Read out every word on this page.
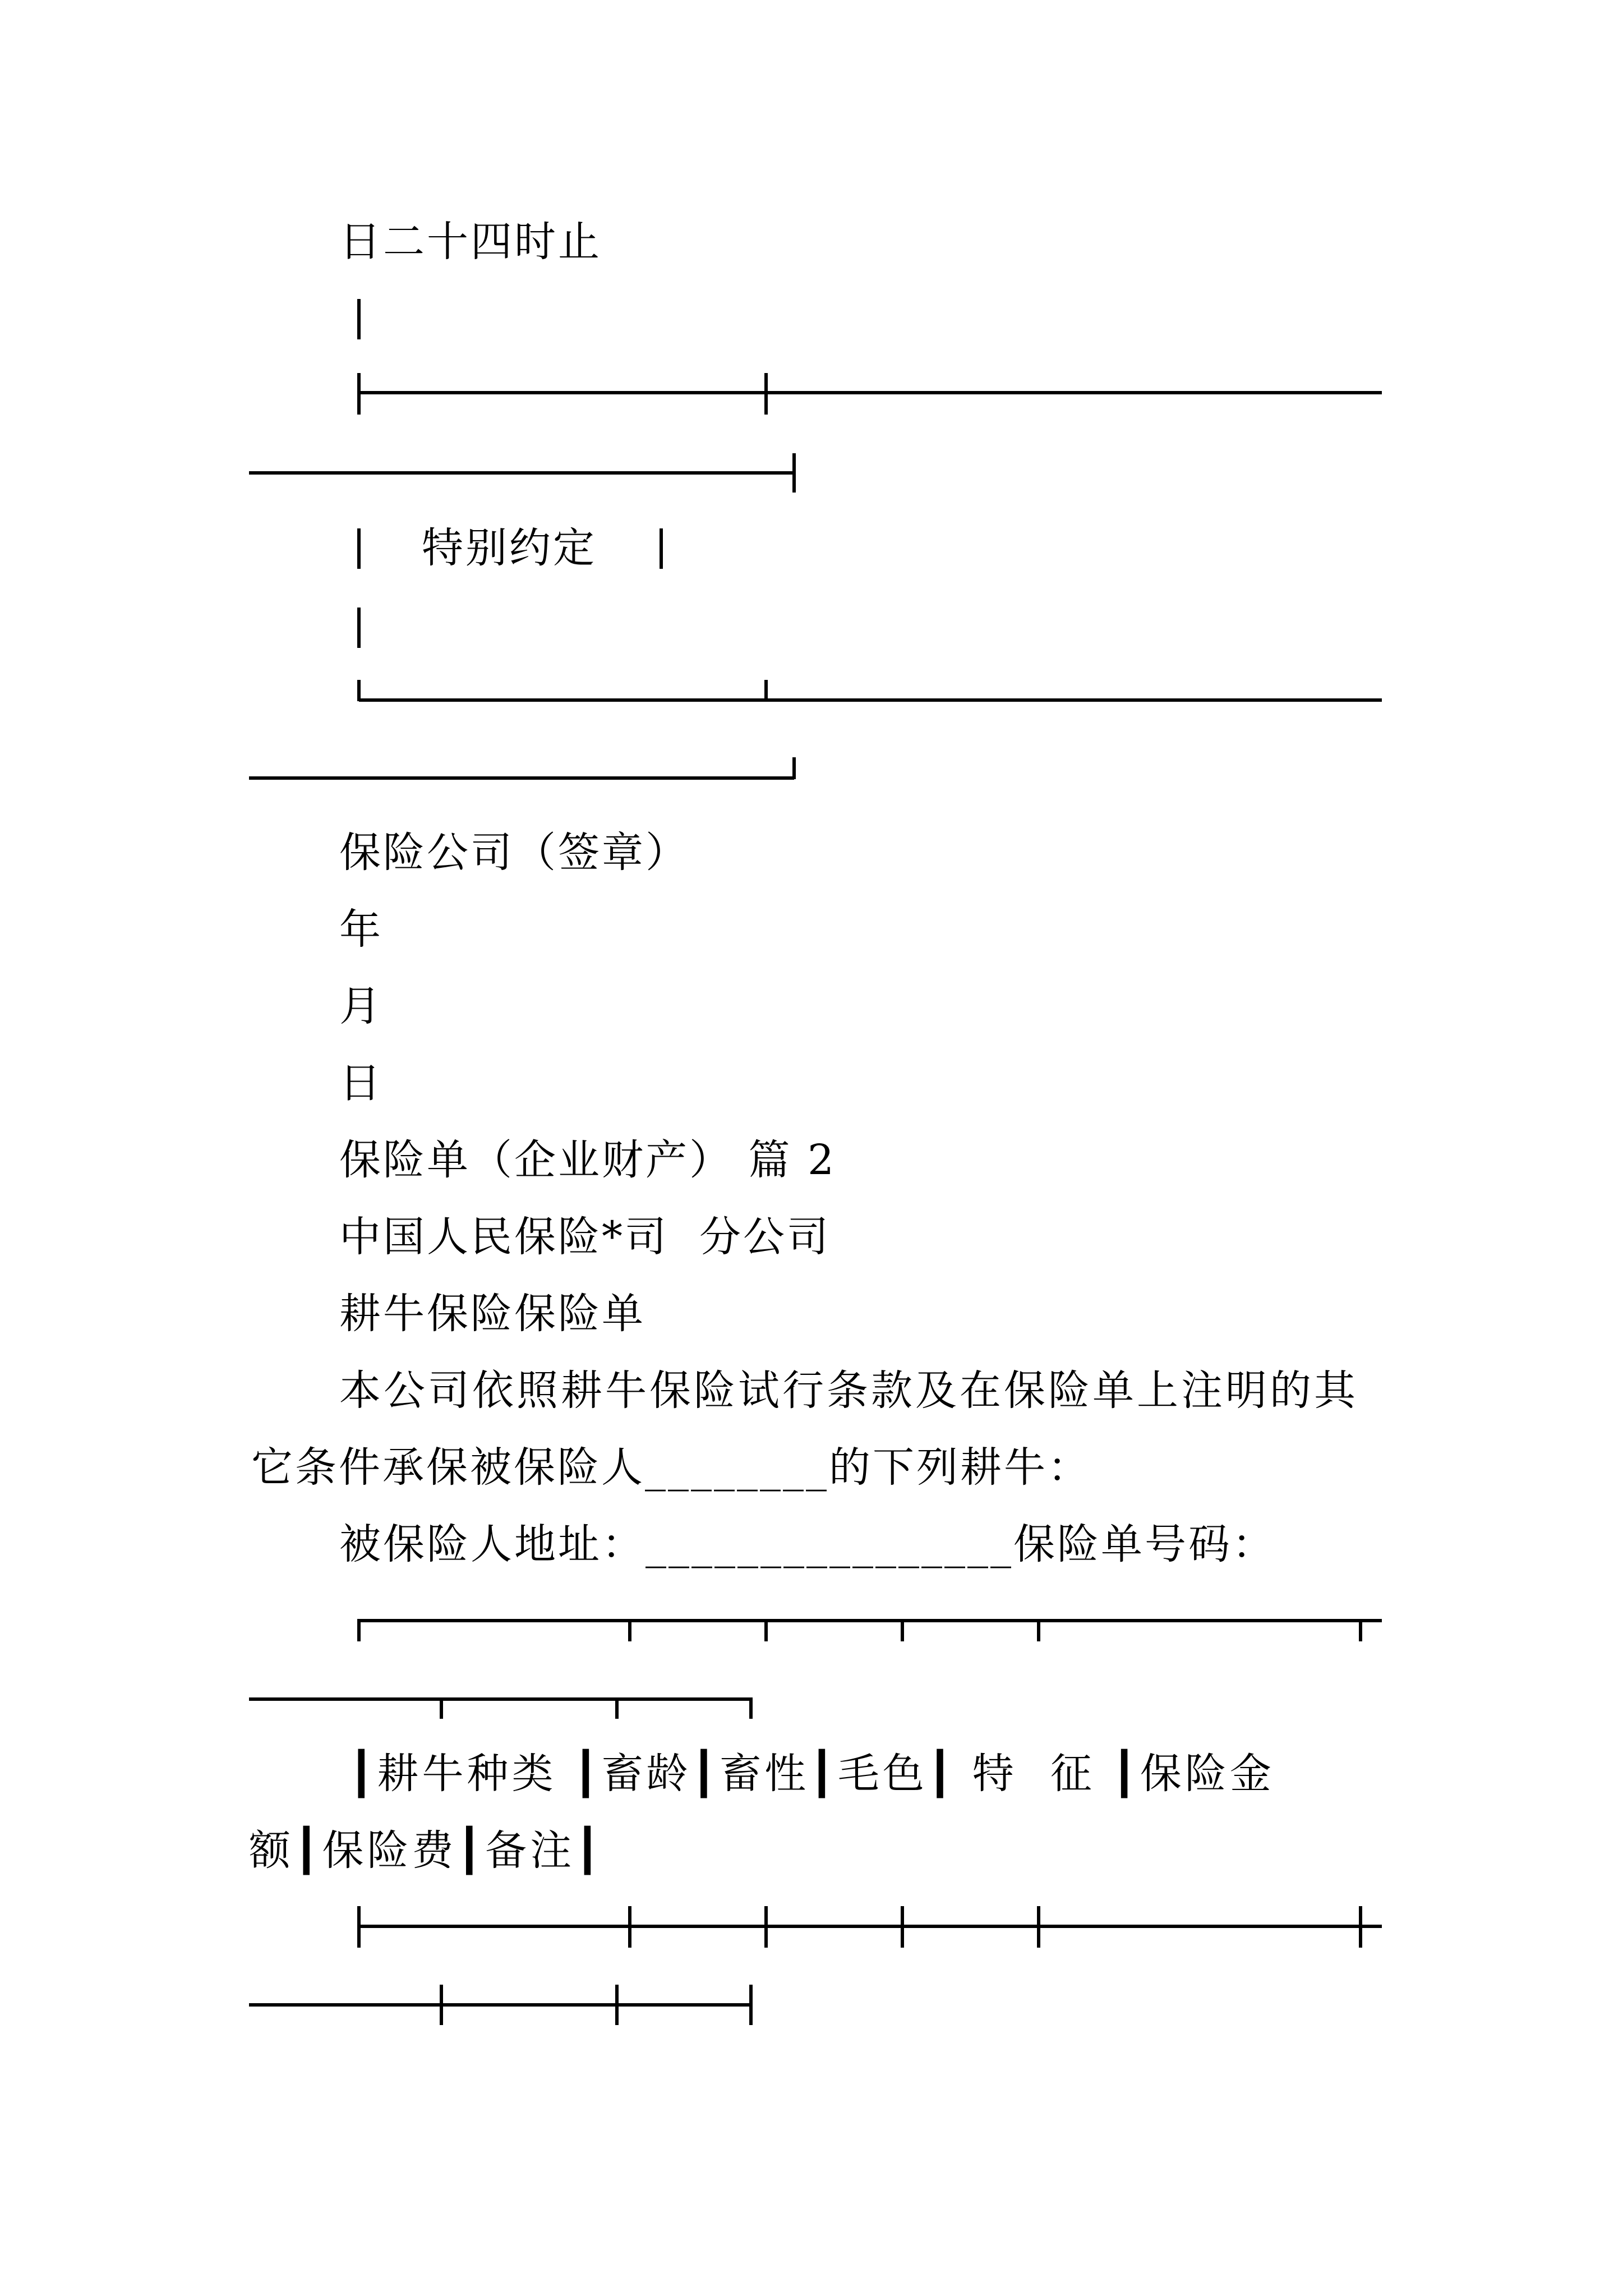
日二十四时止
特别约定
保险公司（签章）
年
月
日
保险单（企业财产） 篇 2
中国人民保险*司  分公司
耕牛保险保险单
本公司依照耕牛保险试行条款及在保险单上注明的其
它条件承保被保险人________的下列耕牛：
被保险人地址：________________保险单号码：
┃耕牛种类 ┃畜龄┃畜性┃毛色┃ 特  征 ┃保险金
额┃保险费┃备注┃
